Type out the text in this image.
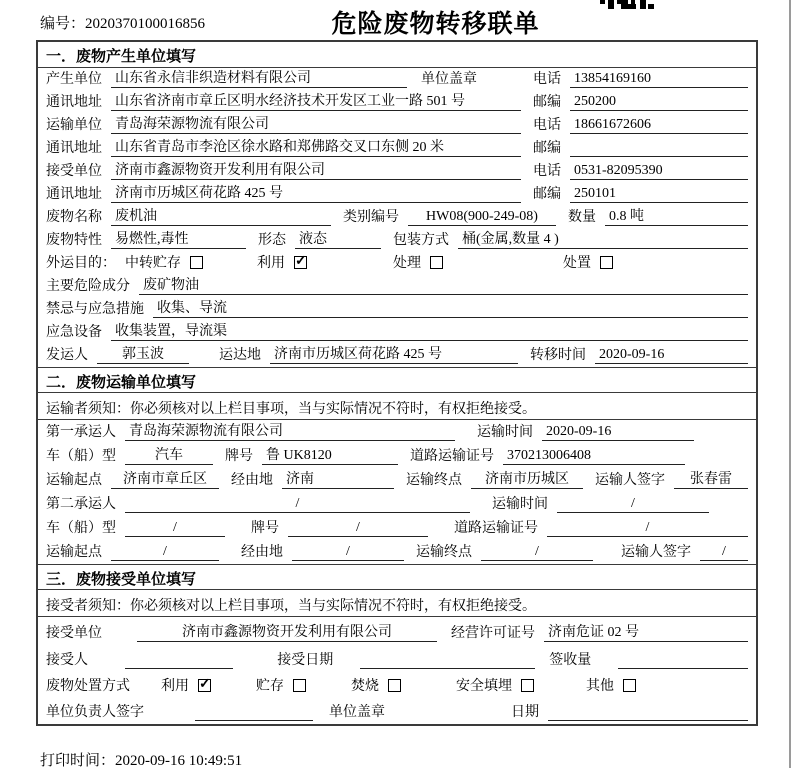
编号：2020370100016856	危险废物转移联单
一．废物产生单位填写
产生单位 山东省永信非织造材料有限公司	单位盖章	电话 13854169160
通讯地址 山东省济南市章丘区明水经济技术开发区工业一路 501 号	邮编 250200
运输单位 青岛海荣源物流有限公司	电话 18661672606
通讯地址 山东省青岛市李沧区徐水路和郑佛路交叉口东侧 20 米	邮编
接受单位 济南市鑫源物资开发利用有限公司	电话 0531-82095390
通讯地址 济南市历城区荷花路 425 号	邮编 250101
废物名称 废机油	类别编号	HW08(900-249-08)	数量 0.8 吨
废物特性 易燃性,毒性	形态 液态	包装方式 桶(金属,数量 4 )
外运目的： 中转贮存	利用 ✓	处理	处置
主要危险成分 废矿物油
禁忌与应急措施 收集、导流
应急设备 收集装置，导流渠
发运人	郭玉波	运达地 济南市历城区荷花路 425 号	转移时间 2020-09-16
二．废物运输单位填写
运输者须知：你必须核对以上栏目事项，当与实际情况不符时，有权拒绝接受。
第一承运人 青岛海荣源物流有限公司	运输时间 2020-09-16
车（船）型	汽车	牌号 鲁 UK8120	道路运输证号 370213006408
运输起点	济南市章丘区	经由地 济南	运输终点	济南市历城区	运输人签字	张春雷
第二承运人	/	运输时间	/
车（船）型	/	牌号	/	道路运输证号	/
运输起点	/	经由地	/	运输终点	/	运输人签字	/
三．废物接受单位填写
接受者须知：你必须核对以上栏目事项，当与实际情况不符时，有权拒绝接受。
接受单位	济南市鑫源物资开发利用有限公司	经营许可证号 济南危证 02 号
接受人	接受日期	签收量
废物处置方式 利用 ✓	贮存	焚烧	安全填埋	其他
单位负责人签字	单位盖章	日期
打印时间：2020-09-16 10:49:51
